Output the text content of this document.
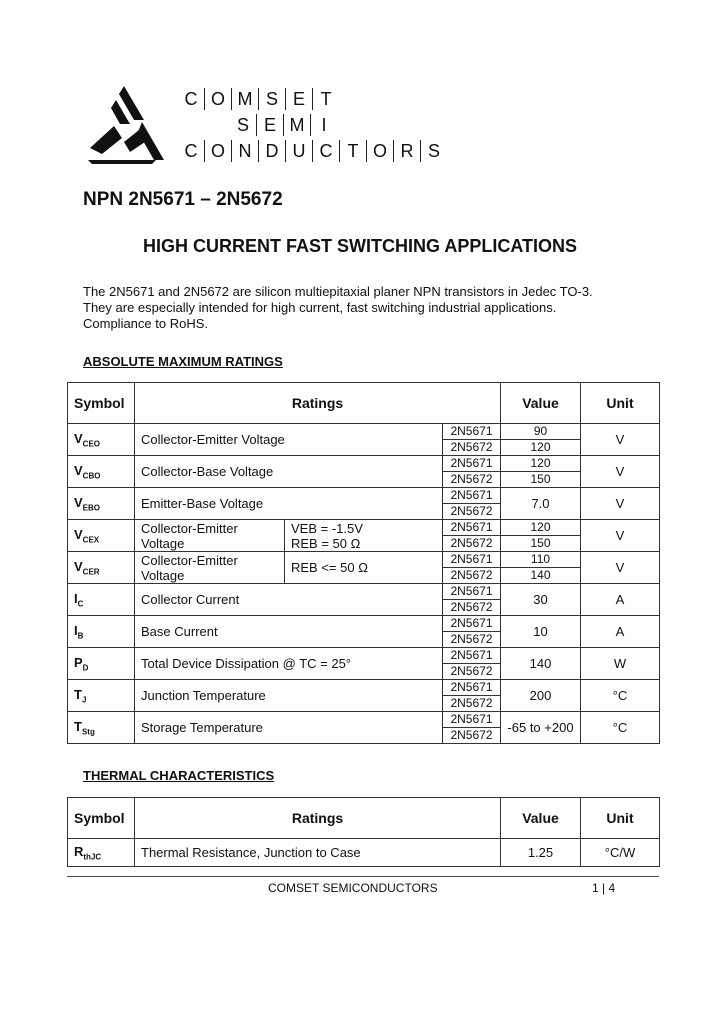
C O M S E T
S E M I
C O N D U C T O R S
NPN 2N5671 – 2N5672
HIGH CURRENT FAST SWITCHING APPLICATIONS
The 2N5671 and 2N5672 are silicon multiepitaxial planer NPN transistors in Jedec TO-3.
They are especially intended for high current, fast switching industrial applications.
Compliance to RoHS.
ABSOLUTE MAXIMUM RATINGS
Symbol	Ratings			Value	Unit
$V_{CEO}$	Collector-Emitter Voltage		2N5671	90	V
			2N5672	120	
$V_{CBO}$	Collector-Base Voltage		2N5671	120	V
			2N5672	150	
$V_{EBO}$	Emitter-Base Voltage		2N5671	7.0	V
			2N5672		
$V_{CEX}$	Collector-Emitter Voltage	VEB = -1.5V
REB = 50 Ω	2N5671	120	V
			2N5672	150	
$V_{CER}$	Collector-Emitter Voltage	REB <= 50 Ω	2N5671	110	V
			2N5672	140	
$I_C$	Collector Current		2N5671	30	A
			2N5672		
$I_B$	Base Current		2N5671	10	A
			2N5672		
$P_D$	Total Device Dissipation @ TC = 25°		2N5671	140	W
			2N5672		
$T_J$	Junction Temperature		2N5671	200	°C
			2N5672		
$T_{Stg}$	Storage Temperature		2N5671	-65 to +200	°C
			2N5672		
THERMAL CHARACTERISTICS
Symbol	Ratings	Value	Unit
$R_{thJC}$	Thermal Resistance, Junction to Case	1.25	°C/W
COMSET SEMICONDUCTORS	1 | 4
